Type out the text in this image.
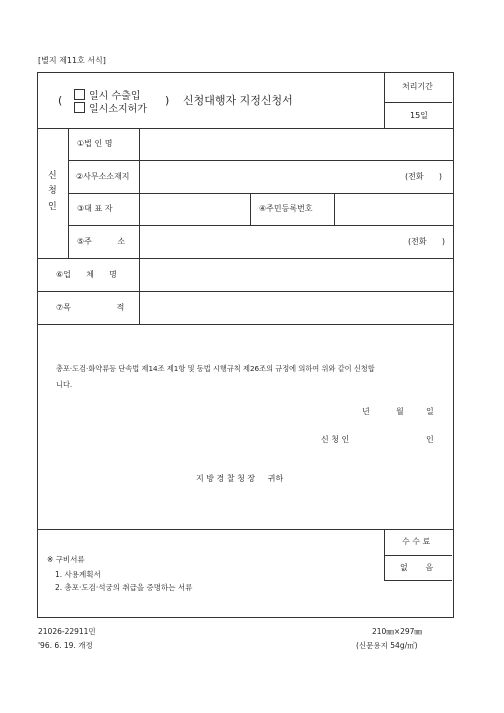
[별지 제11호 서식]
(	일시 수출입
일시소지허가
) 신청대행자 지정신청서
처리기간
15일
신
청
인
①법 인 명
②사무소소재지	(전화      )
③대 표 자	④주민등록번호
⑤주          소	(전화      )
⑥업      체      명
⑦목                  적
총포·도검·화약류등 단속법 제14조 제1항 및 동법 시행규칙 제26조의 규정에 의하여 위와 같이 신청합
니다.
년	월	일
신 청 인	인
지 방 경 찰 청 장     귀하
※ 구비서류
1. 사용계획서
2. 총포·도검·석궁의 취급을 증명하는 서류
수 수 료
없       음
21026-22911민
'96. 6. 19. 개정
210㎜×297㎜
(신문용지 54g/㎡)
